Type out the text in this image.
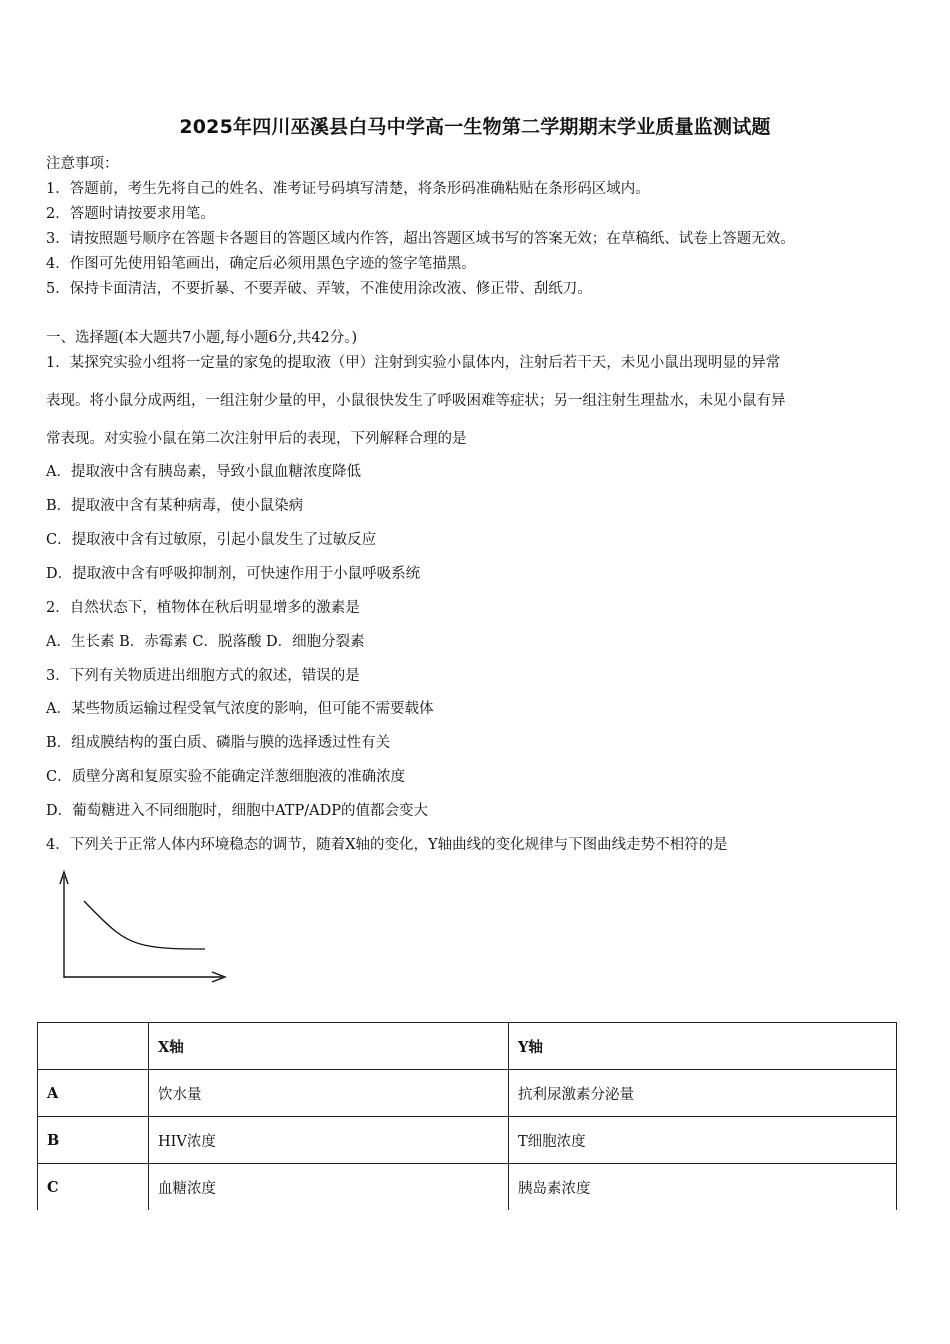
2025年四川巫溪县白马中学高一生物第二学期期末学业质量监测试题
注意事项：
1．答题前，考生先将自己的姓名、准考证号码填写清楚，将条形码准确粘贴在条形码区域内。
2．答题时请按要求用笔。
3．请按照题号顺序在答题卡各题目的答题区域内作答，超出答题区域书写的答案无效；在草稿纸、试卷上答题无效。
4．作图可先使用铅笔画出，确定后必须用黑色字迹的签字笔描黑。
5．保持卡面清洁，不要折暴、不要弄破、弄皱，不准使用涂改液、修正带、刮纸刀。
一、选择题(本大题共7小题,每小题6分,共42分。)
1．某探究实验小组将一定量的家兔的提取液（甲）注射到实验小鼠体内，注射后若干天，未见小鼠出现明显的异常
表现。将小鼠分成两组，一组注射少量的甲，小鼠很快发生了呼吸困难等症状；另一组注射生理盐水，未见小鼠有异
常表现。对实验小鼠在第二次注射甲后的表现，下列解释合理的是
A．提取液中含有胰岛素，导致小鼠血糖浓度降低
B．提取液中含有某种病毒，使小鼠染病
C．提取液中含有过敏原，引起小鼠发生了过敏反应
D．提取液中含有呼吸抑制剂，可快速作用于小鼠呼吸系统
2．自然状态下，植物体在秋后明显增多的激素是
A．生长素 B．赤霉素 C．脱落酸 D．细胞分裂素
3．下列有关物质进出细胞方式的叙述，错误的是
A．某些物质运输过程受氧气浓度的影响，但可能不需要载体
B．组成膜结构的蛋白质、磷脂与膜的选择透过性有关
C．质壁分离和复原实验不能确定洋葱细胞液的准确浓度
D．葡萄糖进入不同细胞时，细胞中ATP/ADP的值都会变大
4．下列关于正常人体内环境稳态的调节，随着X轴的变化，Y轴曲线的变化规律与下图曲线走势不相符的是
	X轴	Y轴
A	饮水量	抗利尿激素分泌量
B	HIV浓度	T细胞浓度
C	血糖浓度	胰岛素浓度
